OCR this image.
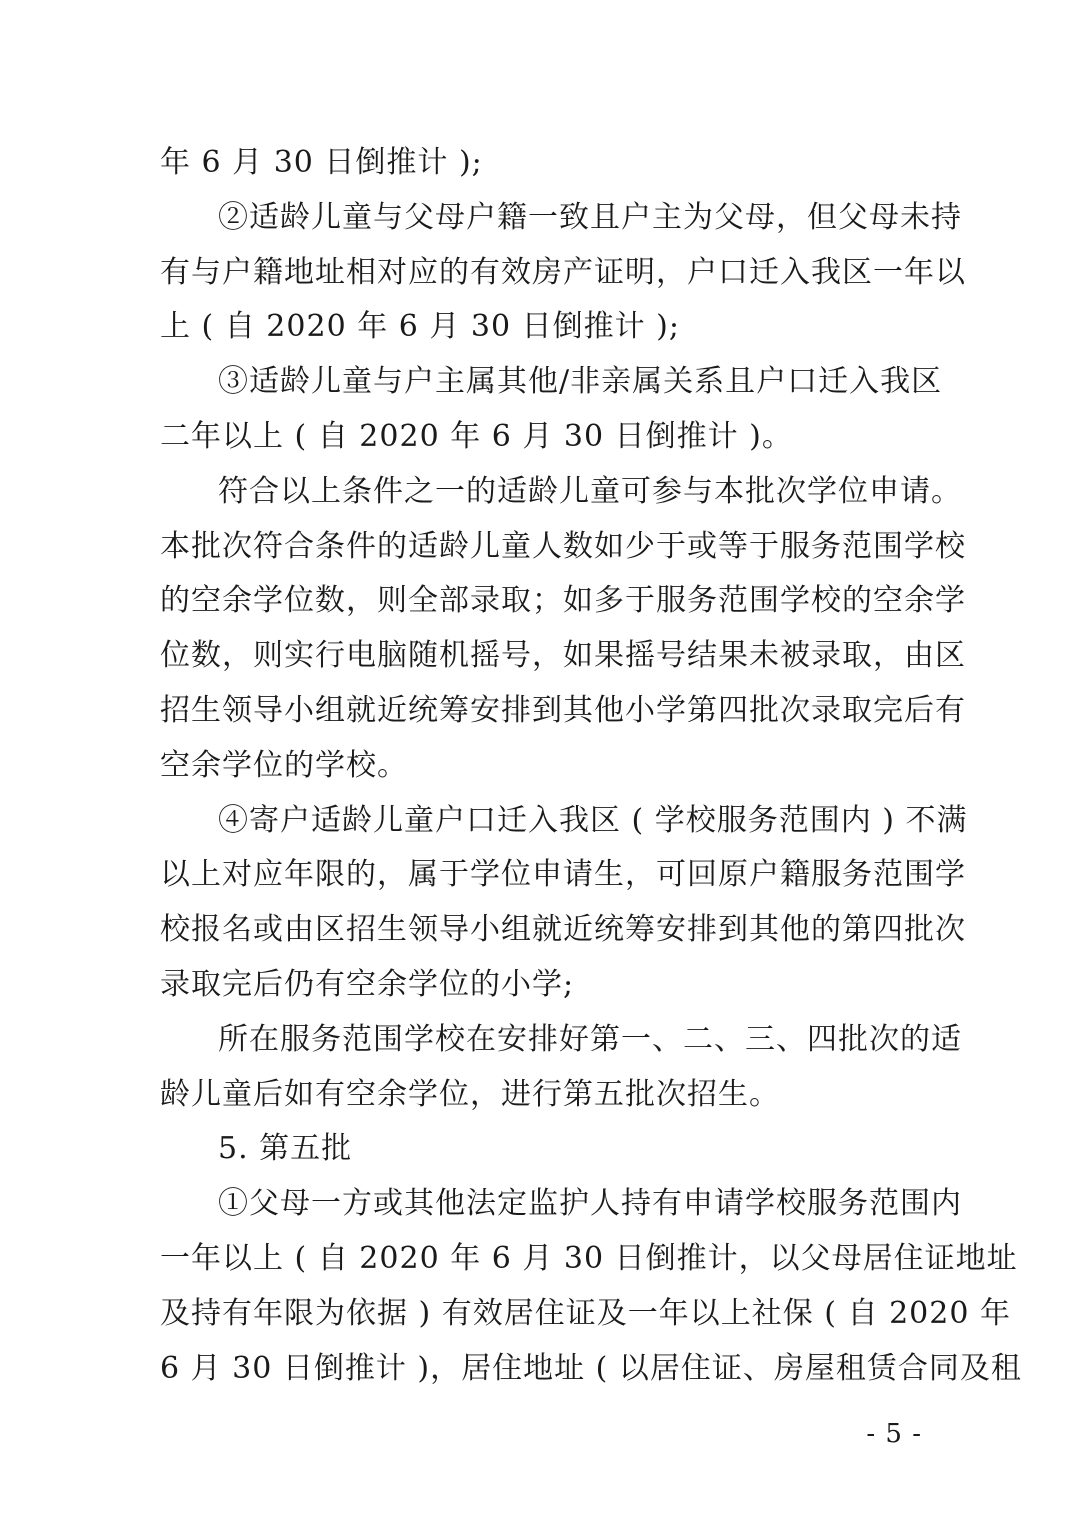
年 6 月 30 日倒推计 );
②适龄儿童与父母户籍一致且户主为父母，但父母未持
有与户籍地址相对应的有效房产证明，户口迁入我区一年以
上 ( 自 2020 年 6 月 30 日倒推计 );
③适龄儿童与户主属其他/非亲属关系且户口迁入我区
二年以上 ( 自 2020 年 6 月 30 日倒推计 )。
符合以上条件之一的适龄儿童可参与本批次学位申请。
本批次符合条件的适龄儿童人数如少于或等于服务范围学校
的空余学位数，则全部录取；如多于服务范围学校的空余学
位数，则实行电脑随机摇号，如果摇号结果未被录取，由区
招生领导小组就近统筹安排到其他小学第四批次录取完后有
空余学位的学校。
④寄户适龄儿童户口迁入我区 ( 学校服务范围内 ) 不满
以上对应年限的，属于学位申请生，可回原户籍服务范围学
校报名或由区招生领导小组就近统筹安排到其他的第四批次
录取完后仍有空余学位的小学;
所在服务范围学校在安排好第一、二、三、四批次的适
龄儿童后如有空余学位，进行第五批次招生。
5. 第五批
①父母一方或其他法定监护人持有申请学校服务范围内
一年以上 ( 自 2020 年 6 月 30 日倒推计，以父母居住证地址
及持有年限为依据 ) 有效居住证及一年以上社保 ( 自 2020 年
6 月 30 日倒推计 )，居住地址 ( 以居住证、房屋租赁合同及租
- 5 -
